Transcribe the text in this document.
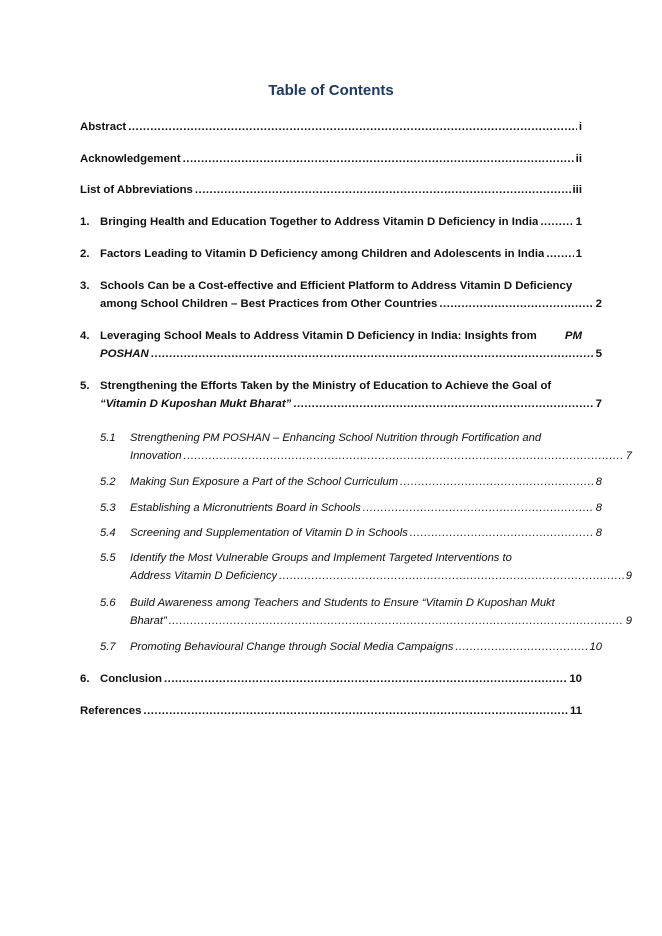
Table of Contents
Abstract .....	i
Acknowledgement .....	ii
List of Abbreviations .....	iii
1. Bringing Health and Education Together to Address Vitamin D Deficiency in India .....	1
2. Factors Leading to Vitamin D Deficiency among Children and Adolescents in India .....	1
3. Schools Can be a Cost-effective and Efficient Platform to Address Vitamin D Deficiency
among School Children – Best Practices from Other Countries .....	2
4. Leveraging School Meals to Address Vitamin D Deficiency in India: Insights from	PM
POSHAN .....	5
5. Strengthening the Efforts Taken by the Ministry of Education to Achieve the Goal of
“Vitamin D Kuposhan Mukt Bharat” .....	7
5.1	Strengthening PM POSHAN – Enhancing School Nutrition through Fortification and
Innovation .....	7
5.2	Making Sun Exposure a Part of the School Curriculum .....	8
5.3	Establishing a Micronutrients Board in Schools .....	8
5.4	Screening and Supplementation of Vitamin D in Schools .....	8
5.5	Identify the Most Vulnerable Groups and Implement Targeted Interventions to
Address Vitamin D Deficiency .....	9
5.6	Build Awareness among Teachers and Students to Ensure “Vitamin D Kuposhan Mukt
Bharat” .....	9
5.7	Promoting Behavioural Change through Social Media Campaigns .....	10
6. Conclusion .....	10
References .....	11
